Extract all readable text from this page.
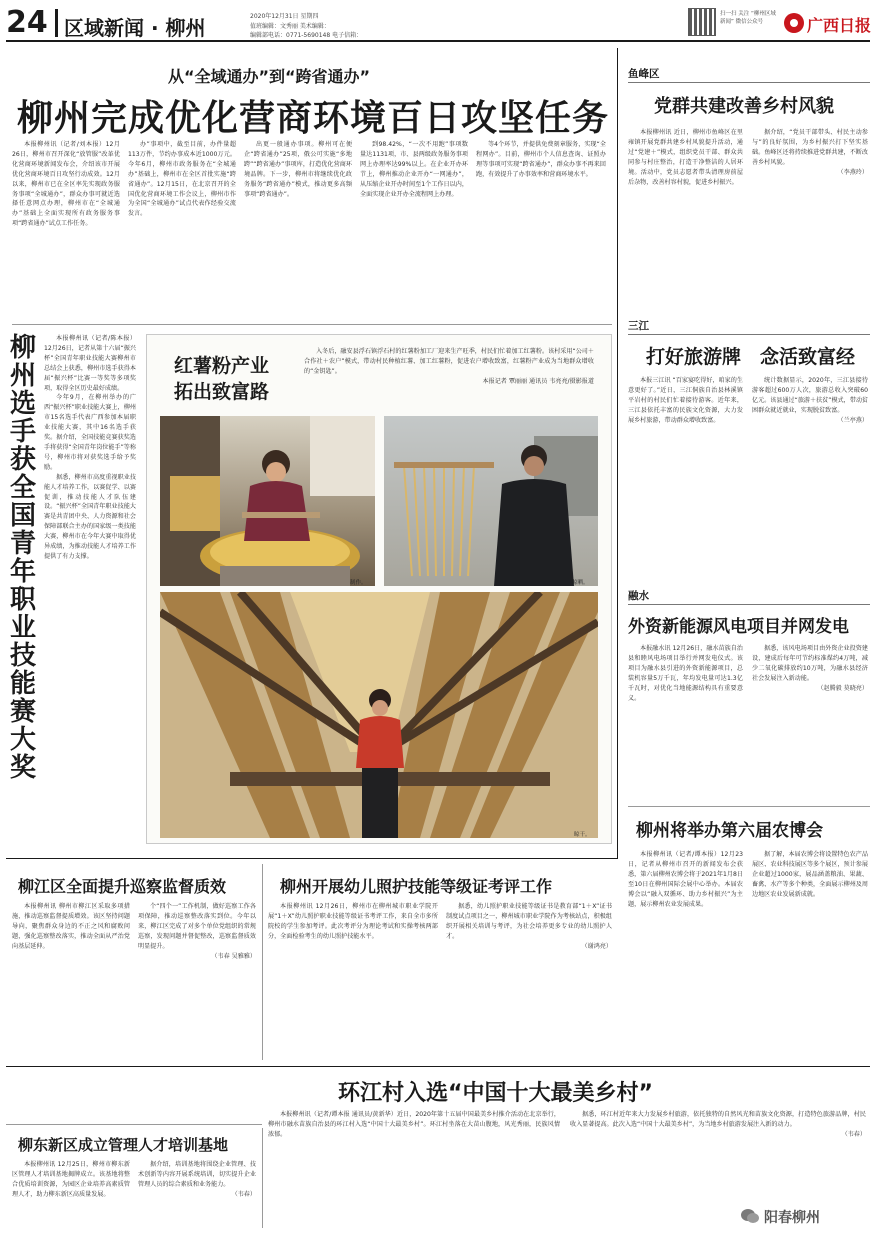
24 区域新闻 · 柳州	2020年12月31日 星期四
值班编辑：文秀丽 美术编辑：
编辑部电话：0771-5690148 电子信箱：
扫一扫 关注 “柳州区域新闻” 微信公众号	广西日报
从“全域通办”到“跨省通办”
柳州完成优化营商环境百日攻坚任务

本报柳州讯（记者/刘本报）12月26日，柳州市召开深化“放管服”改革优化营商环境新闻发布会，介绍该市开展优化营商环境百日攻坚行动成效。12月以来，柳州市已在全区率先实现政务服务事项“全城通办”，群众办事可就近选择任意网点办理，柳州市在“全城通办”基础上全面实现所有政务服务事项“跨省通办”试点工作任务。

办”事项中，截至目前，办件量超113万件，节约办事成本近1000万元。今年6月，柳州市政务服务在“全城通办”基础上，柳州市在全区首批实施“跨省通办”。12月15日，在北京召开的全国优化营商环境工作会议上，柳州市作为全国“全城通办”试点代表作经验交流发言。

出更一般通办事项。柳州可在便企“跨省通办”25项，俄公可实施“多地跨”“跨省通办”事项库，打造优化营商环境品牌。下一步，柳州市将继续优化政务服务“跨省通办”模式，推动更多高频事项“跨省通办”。

到98.42%，“一次不用跑”事项数量达1131项，市、县两级政务服务事项网上办理率达99%以上。在企业开办环节上，柳州推动企业开办“一网通办”，从压缩企业开办时间至1个工作日以内，全面实现企业开办全流程网上办理。

等4个环节，并提供免费刻章服务，实现“全程网办”。目前，柳州市个人信息查询、证照办理等事项可实现“跨省通办”，群众办事不再来回跑，有效提升了办事效率和营商环境水平。

柳州选手获全国青年职业技能赛大奖

本报柳州讯（记者/陈本报）12月26日，记者从第十六届“振兴杯”全国青年职业技能大赛柳州市总结会上获悉，柳州市选手获得本届“振兴杯”比赛一等奖等多项奖项，取得全区历史最好成绩。

今年9月，在柳州举办的广西“振兴杯”职业技能大赛上，柳州市15名选手代表广西参加本届职业技能大赛，其中16名选手获奖。据介绍，全国技能竞赛获奖选手将获得“全国青年岗位能手”等称号，柳州市将对获奖选手给予奖励。

据悉，柳州市高度重视职业技能人才培养工作，以赛促学、以赛促训，推动技能人才队伍建设。“振兴杯”全国青年职业技能大赛是共青团中央、人力资源和社会保障部联合主办的国家级一类技能大赛，柳州市在今年大赛中取得优异成绩，为推动技能人才培养工作提供了有力支撑。

红薯粉产业
拓出致富路

入冬后，融安县浮石镇浮石村的红薯粉加工厂迎来生产旺季，村民们忙着加工红薯粉。该村采用“公司＋合作社＋农户”模式，带动村民种植红薯、加工红薯粉，促进农户增收致富，红薯粉产业成为当地群众增收的“金钥匙”。

本报记者 覃丽丽 通讯员 韦亮亮/摄影报道

制作。	晾晒。
晾干。
鱼峰区
党群共建改善乡村风貌

本报柳州讯 近日，柳州市鱼峰区在里雍镇开展党群共建乡村风貌提升活动，通过“党建＋”模式，组织党员干部、群众共同参与村庄整治，打造干净整洁的人居环境。活动中，党员志愿者带头清理房前屋后杂物，改善村容村貌，促进乡村振兴。

据介绍，“党员干部带头、村民主动参与”的良好氛围，为乡村振兴打下坚实基础。鱼峰区还将持续推进党群共建，不断改善乡村风貌。

（李燕玲）

三江
打好旅游牌 念活致富经

本报三江讯 “百家宴吃得好，咱家的生意更好了。”近日，三江侗族自治县林溪镇平岩村的村民们忙着接待游客。近年来，三江县依托丰富的民族文化资源，大力发展乡村旅游，带动群众增收致富。

统计数据显示，2020年，三江县接待游客超过600万人次，旅游总收入突破60亿元。该县通过“旅游＋扶贫”模式，带动贫困群众就近就业，实现脱贫致富。

（兰亭燕）

融水
外资新能源风电项目并网发电

本报融水讯 12月26日，融水苗族自治县和睦风电场项目举行并网发电仪式。该项目为融水县引进的外资新能源项目，总装机容量5万千瓦，年均发电量可达1.3亿千瓦时，对优化当地能源结构具有重要意义。

据悉，该风电场项目由外资企业投资建设，建成后每年可节约标准煤约4万吨，减少二氧化碳排放约10万吨，为融水县经济社会发展注入新动能。

（赵腾毅 莫晓亮）

柳州将举办第六届农博会

本报柳州讯（记者/谭本报）12月23日，记者从柳州市召开的新闻发布会获悉，第六届柳州农博会将于2021年1月8日至10日在柳州国际会展中心举办。本届农博会以“融入双循环、助力乡村振兴”为主题，展示柳州农业发展成果。

据了解，本届农博会将设置特色农产品展区、农业科技展区等多个展区，预计参展企业超过1000家，展品涵盖粮油、果蔬、畜禽、水产等多个种类，全面展示柳州及周边地区农业发展新成就。

柳江区全面提升巡察监督质效

本报柳州讯 柳州市柳江区采取多项措施，推动巡察监督提质增效。该区坚持问题导向，聚焦群众身边的不正之风和腐败问题，强化巡察整改落实，推动全面从严治党向基层延伸。

个“四个一”工作机制，做好巡察工作各项保障，推动巡察整改落实到位。今年以来，柳江区完成了对多个单位党组织的常规巡察，发现问题并督促整改，巡察监督质效明显提升。

（韦春 吴雅雅）

柳州开展幼儿照护技能等级证考评工作

本报柳州讯 12月26日，柳州市在柳州城市职业学院开展“1＋X”幼儿照护职业技能等级证书考评工作，来自全市多所院校的学生参加考评。此次考评分为理论考试和实操考核两部分，全面检验考生的幼儿照护技能水平。

据悉，幼儿照护职业技能等级证书是教育部“1＋X”证书制度试点项目之一，柳州城市职业学院作为考核站点，积极组织开展相关培训与考评，为社会培养更多专业的幼儿照护人才。

（谢鸿亮）

环江村入选“中国十大最美乡村”

本报柳州讯（记者/谭本报 通讯员/黄新华）近日，2020年第十五届中国最美乡村推介活动在北京举行，柳州市融水苗族自治县的环江村入选“中国十大最美乡村”。环江村坐落在大苗山腹地，风光秀丽，民族风情浓郁。

据悉，环江村近年来大力发展乡村旅游，依托独特的自然风光和苗族文化资源，打造特色旅游品牌，村民收入显著提高。此次入选“中国十大最美乡村”，为当地乡村旅游发展注入新的动力。

（韦春）

柳东新区成立管理人才培训基地

本报柳州讯 12月25日，柳州市柳东新区管理人才培训基地揭牌成立。该基地将整合优质培训资源，为园区企业培养高素质管理人才，助力柳东新区高质量发展。

据介绍，培训基地将围绕企业管理、技术创新等内容开展系统培训，切实提升企业管理人员的综合素质和业务能力。

（韦春）

阳春柳州
